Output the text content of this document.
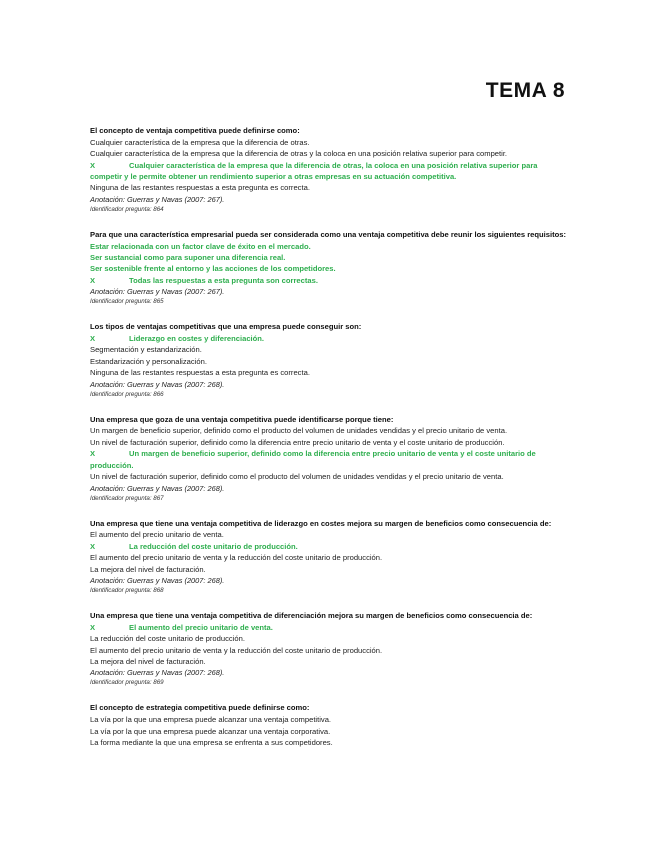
TEMA 8

El concepto de ventaja competitiva puede definirse como:

Cualquier característica de la empresa que la diferencia de otras.

Cualquier característica de la empresa que la diferencia de otras y la coloca en una posición relativa superior para competir.

X	Cualquier característica de la empresa que la diferencia de otras, la coloca en una posición relativa superior para competir y le permite obtener un rendimiento superior a otras empresas en su actuación competitiva.

Ninguna de las restantes respuestas a esta pregunta es correcta.

Anotación: Guerras y Navas (2007: 267).

Identificador pregunta: 864

Para que una característica empresarial pueda ser considerada como una ventaja competitiva debe reunir los siguientes requisitos:

Estar relacionada con un factor clave de éxito en el mercado.

Ser sustancial como para suponer una diferencia real.

Ser sostenible frente al entorno y las acciones de los competidores.

X	Todas las respuestas a esta pregunta son correctas.

Anotación: Guerras y Navas (2007: 267).

Identificador pregunta: 865

Los tipos de ventajas competitivas que una empresa puede conseguir son:

X	Liderazgo en costes y diferenciación.

Segmentación y estandarización.

Estandarización y personalización.

Ninguna de las restantes respuestas a esta pregunta es correcta.

Anotación: Guerras y Navas (2007: 268).

Identificador pregunta: 866

Una empresa que goza de una ventaja competitiva puede identificarse porque tiene:

Un margen de beneficio superior, definido como el producto del volumen de unidades vendidas y el precio unitario de venta.

Un nivel de facturación superior, definido como la diferencia entre precio unitario de venta y el coste unitario de producción.

X	Un margen de beneficio superior, definido como la diferencia entre precio unitario de venta y el coste unitario de producción.

Un nivel de facturación superior, definido como el producto del volumen de unidades vendidas y el precio unitario de venta.

Anotación: Guerras y Navas (2007: 268).

Identificador pregunta: 867

Una empresa que tiene una ventaja competitiva de liderazgo en costes mejora su margen de beneficios como consecuencia de:

El aumento del precio unitario de venta.

X	La reducción del coste unitario de producción.

El aumento del precio unitario de venta y la reducción del coste unitario de producción.

La mejora del nivel de facturación.

Anotación: Guerras y Navas (2007: 268).

Identificador pregunta: 868

Una empresa que tiene una ventaja competitiva de diferenciación mejora su margen de beneficios como consecuencia de:

X	El aumento del precio unitario de venta.

La reducción del coste unitario de producción.

El aumento del precio unitario de venta y la reducción del coste unitario de producción.

La mejora del nivel de facturación.

Anotación: Guerras y Navas (2007: 268).

Identificador pregunta: 869

El concepto de estrategia competitiva puede definirse como:

La vía por la que una empresa puede alcanzar una ventaja competitiva.

La vía por la que una empresa puede alcanzar una ventaja corporativa.

La forma mediante la que una empresa se enfrenta a sus competidores.
